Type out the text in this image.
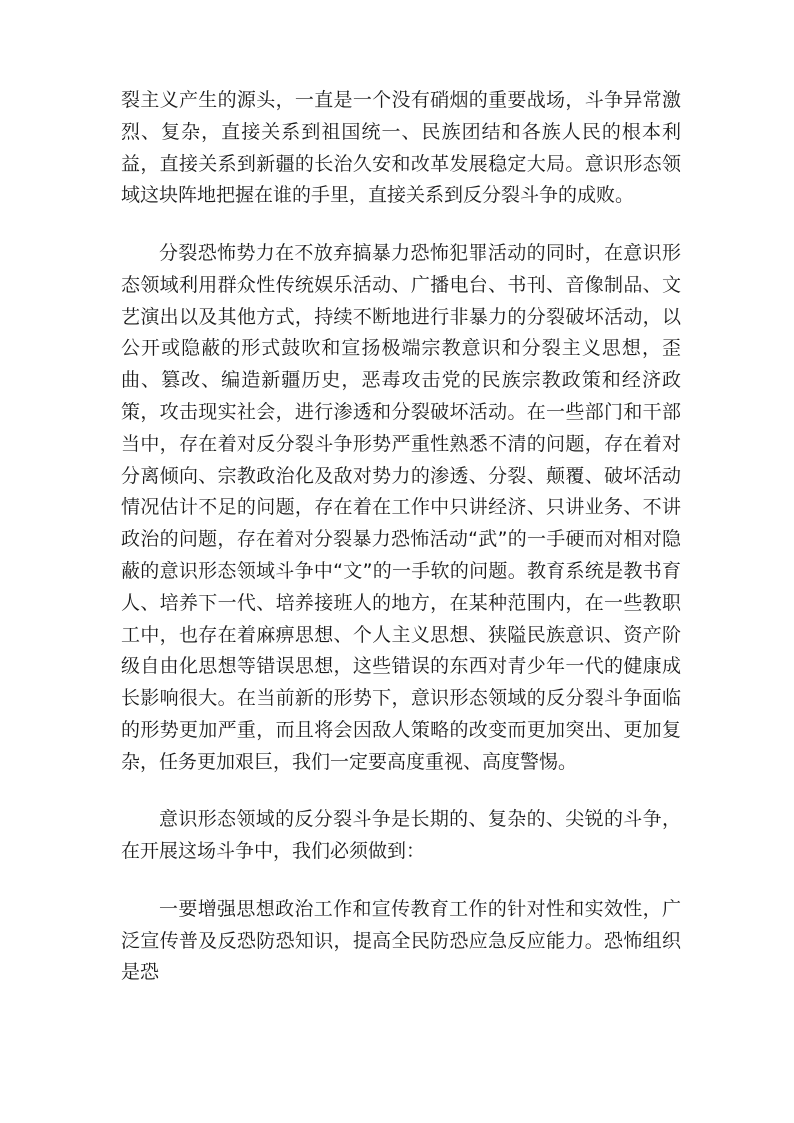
裂主义产生的源头，一直是一个没有硝烟的重要战场，斗争异常激烈、复杂，直接关系到祖国统一、民族团结和各族人民的根本利益，直接关系到新疆的长治久安和改革发展稳定大局。意识形态领域这块阵地把握在谁的手里，直接关系到反分裂斗争的成败。

分裂恐怖势力在不放弃搞暴力恐怖犯罪活动的同时，在意识形态领域利用群众性传统娱乐活动、广播电台、书刊、音像制品、文艺演出以及其他方式，持续不断地进行非暴力的分裂破坏活动，以公开或隐蔽的形式鼓吹和宣扬极端宗教意识和分裂主义思想，歪曲、篡改、编造新疆历史，恶毒攻击党的民族宗教政策和经济政策，攻击现实社会，进行渗透和分裂破坏活动。在一些部门和干部当中，存在着对反分裂斗争形势严重性熟悉不清的问题，存在着对分离倾向、宗教政治化及敌对势力的渗透、分裂、颠覆、破坏活动情况估计不足的问题，存在着在工作中只讲经济、只讲业务、不讲政治的问题，存在着对分裂暴力恐怖活动“武”的一手硬而对相对隐蔽的意识形态领域斗争中“文”的一手软的问题。教育系统是教书育人、培养下一代、培养接班人的地方，在某种范围内，在一些教职工中，也存在着麻痹思想、个人主义思想、狭隘民族意识、资产阶级自由化思想等错误思想，这些错误的东西对青少年一代的健康成长影响很大。在当前新的形势下，意识形态领域的反分裂斗争面临的形势更加严重，而且将会因敌人策略的改变而更加突出、更加复杂，任务更加艰巨，我们一定要高度重视、高度警惕。

意识形态领域的反分裂斗争是长期的、复杂的、尖锐的斗争，在开展这场斗争中，我们必须做到：

一要增强思想政治工作和宣传教育工作的针对性和实效性，广泛宣传普及反恐防恐知识，提高全民防恐应急反应能力。恐怖组织是恐
